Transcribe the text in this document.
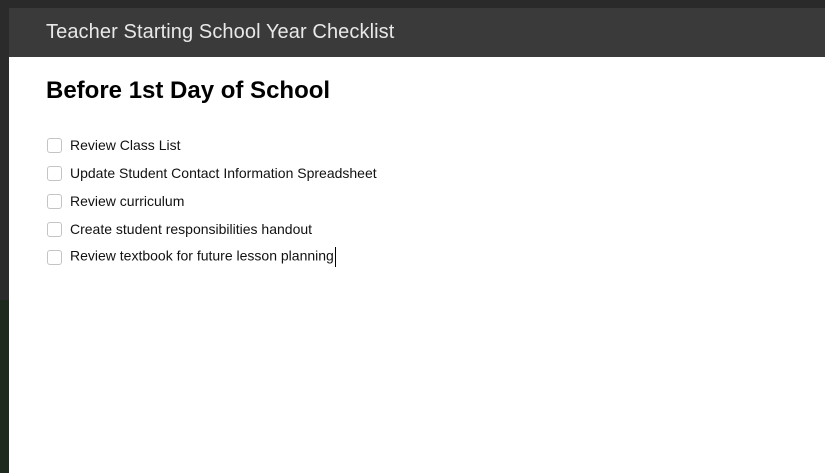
Teacher Starting School Year Checklist
Before 1st Day of School
Review Class List
Update Student Contact Information Spreadsheet
Review curriculum
Create student responsibilities handout
Review textbook for future lesson planning
